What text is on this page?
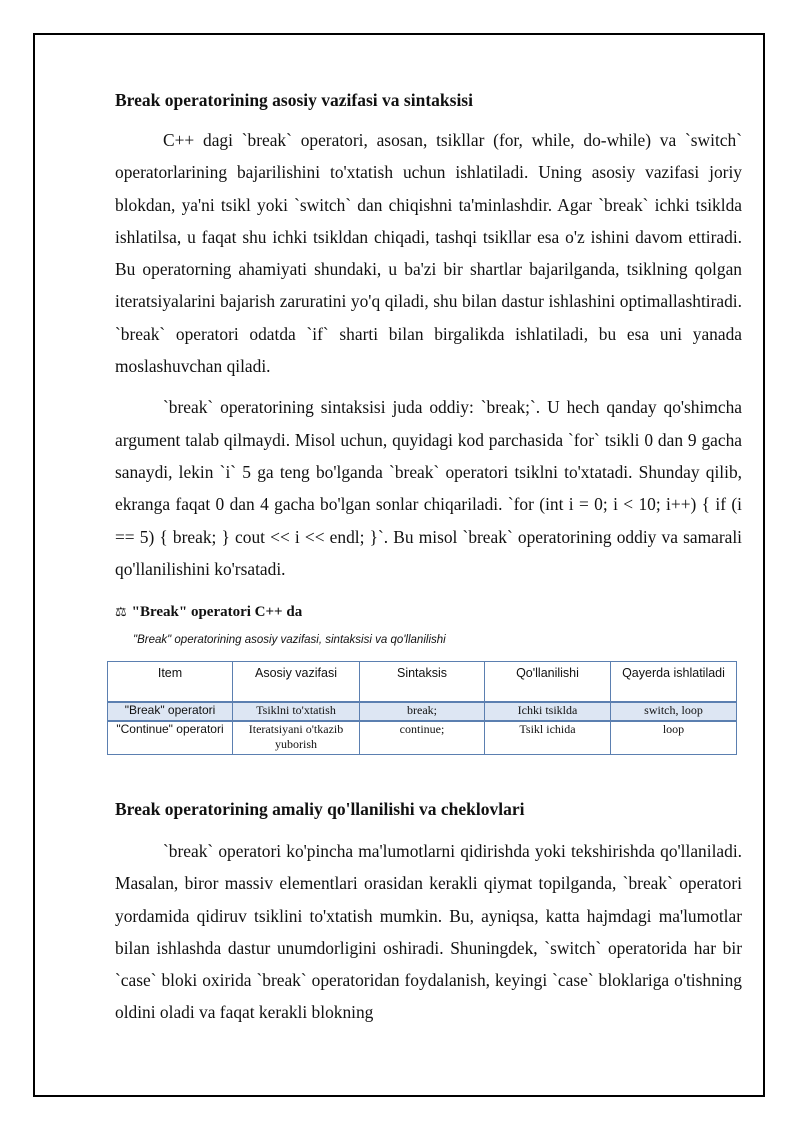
Break operatorining asosiy vazifasi va sintaksisi

C++ dagi `break` operatori, asosan, tsikllar (for, while, do-while) va `switch` operatorlarining bajarilishini to'xtatish uchun ishlatiladi. Uning asosiy vazifasi joriy blokdan, ya'ni tsikl yoki `switch` dan chiqishni ta'minlashdir. Agar `break` ichki tsiklda ishlatilsa, u faqat shu ichki tsikldan chiqadi, tashqi tsikllar esa o'z ishini davom ettiradi. Bu operatorning ahamiyati shundaki, u ba'zi bir shartlar bajarilganda, tsiklning qolgan iteratsiyalarini bajarish zaruratini yo'q qiladi, shu bilan dastur ishlashini optimallashtiradi. `break` operatori odatda `if` sharti bilan birgalikda ishlatiladi, bu esa uni yanada moslashuvchan qiladi.

`break` operatorining sintaksisi juda oddiy: `break;`. U hech qanday qo'shimcha argument talab qilmaydi. Misol uchun, quyidagi kod parchasida `for` tsikli 0 dan 9 gacha sanaydi, lekin `i` 5 ga teng bo'lganda `break` operatori tsiklni to'xtatadi. Shunday qilib, ekranga faqat 0 dan 4 gacha bo'lgan sonlar chiqariladi. `for (int i = 0; i < 10; i++) { if (i == 5) { break; } cout << i << endl; }`. Bu misol `break` operatorining oddiy va samarali qo'llanilishini ko'rsatadi.

⚖ "Break" operatori C++ da
"Break" operatorining asosiy vazifasi, sintaksisi va qo'llanilishi
Item	Asosiy vazifasi	Sintaksis	Qo'llanilishi	Qayerda ishlatiladi
"Break" operatori	Tsiklni to'xtatish	break;	Ichki tsiklda	switch, loop
"Continue" operatori	Iteratsiyani o'tkazib yuborish	continue;	Tsikl ichida	loop
Break operatorining amaliy qo'llanilishi va cheklovlari

`break` operatori ko'pincha ma'lumotlarni qidirishda yoki tekshirishda qo'llaniladi. Masalan, biror massiv elementlari orasidan kerakli qiymat topilganda, `break` operatori yordamida qidiruv tsiklini to'xtatish mumkin. Bu, ayniqsa, katta hajmdagi ma'lumotlar bilan ishlashda dastur unumdorligini oshiradi. Shuningdek, `switch` operatorida har bir `case` bloki oxirida `break` operatoridan foydalanish, keyingi `case` bloklariga o'tishning oldini oladi va faqat kerakli blokning
